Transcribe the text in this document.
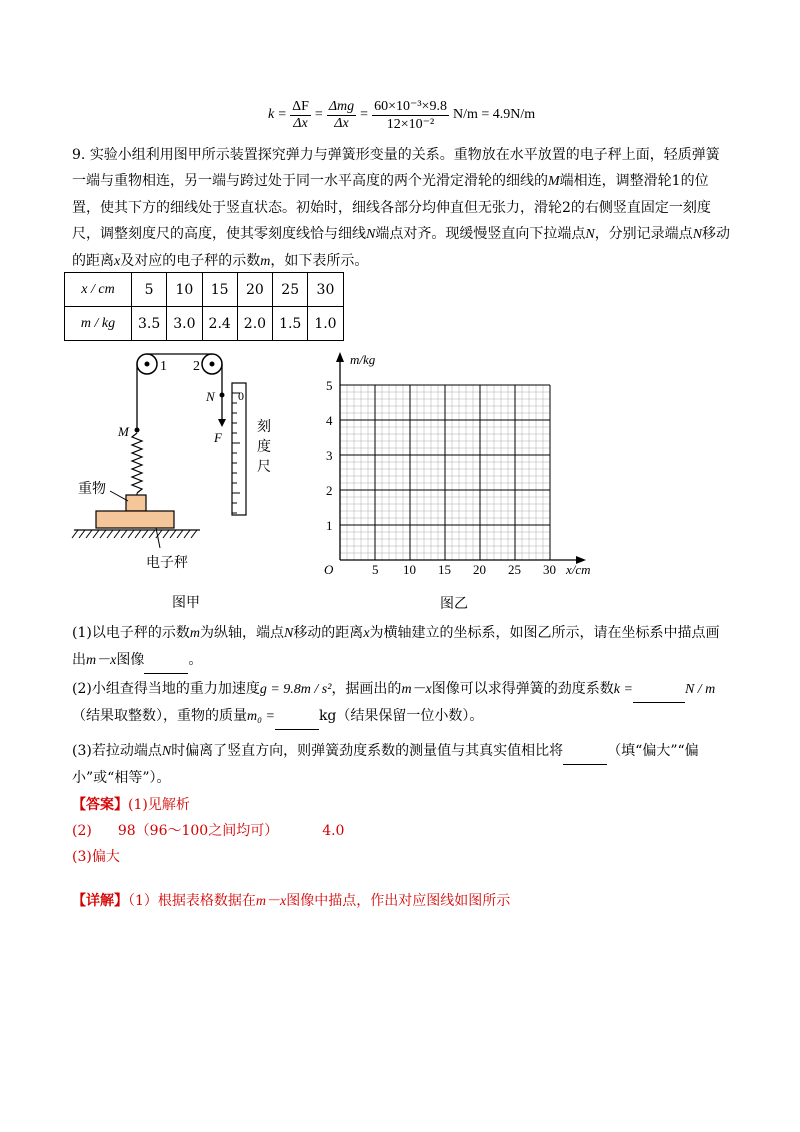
$k = \frac{\Delta F}{\Delta x} = \frac{\text{Δmg}}{\Delta x} = \frac{\text{60×10⁻³×9.8}}{\text{12×10⁻²}} N/m = 4.9N/m$
9. 实验小组利用图甲所示装置探究弹力与弹簧形变量的关系。重物放在水平放置的电子秤上面，轻质弹簧一端与重物相连，另一端与跨过处于同一水平高度的两个光滑定滑轮的细线的M端相连，调整滑轮1的位置，使其下方的细线处于竖直状态。初始时，细线各部分均伸直但无张力，滑轮2的右侧竖直固定一刻度尺，调整刻度尺的高度，使其零刻度线恰与细线N端点对齐。现缓慢竖直向下拉端点N，分别记录端点N移动的距离x及对应的电子秤的示数m，如下表所示。
x / cm	5	10	15	20	25	30
m / kg	3.5	3.0	2.4	2.0	1.5	1.0
1 2
N
F
0
刻
度
尺
M
重物
电子秤
图甲
m/kg
x/cm
O
1
2
3
4
5
5 10 15 20 25 30
图乙
(1)以电子秤的示数m为纵轴，端点N移动的距离x为横轴建立的坐标系，如图乙所示，请在坐标系中描点画出m－x图像	。
(2)小组查得当地的重力加速度g = 9.8m / s²，据画出的m－x图像可以求得弹簧的劲度系数k =	N / m
（结果取整数），重物的质量m₀ =	kg（结果保留一位小数）。
(3)若拉动端点N时偏离了竖直方向，则弹簧劲度系数的测量值与其真实值相比将	（填“偏大”“偏小”或“相等”）。
【答案】(1)见解析
(2) 98（96～100之间均可）	4.0
(3)偏大
【详解】（1）根据表格数据在m－x图像中描点，作出对应图线如图所示
